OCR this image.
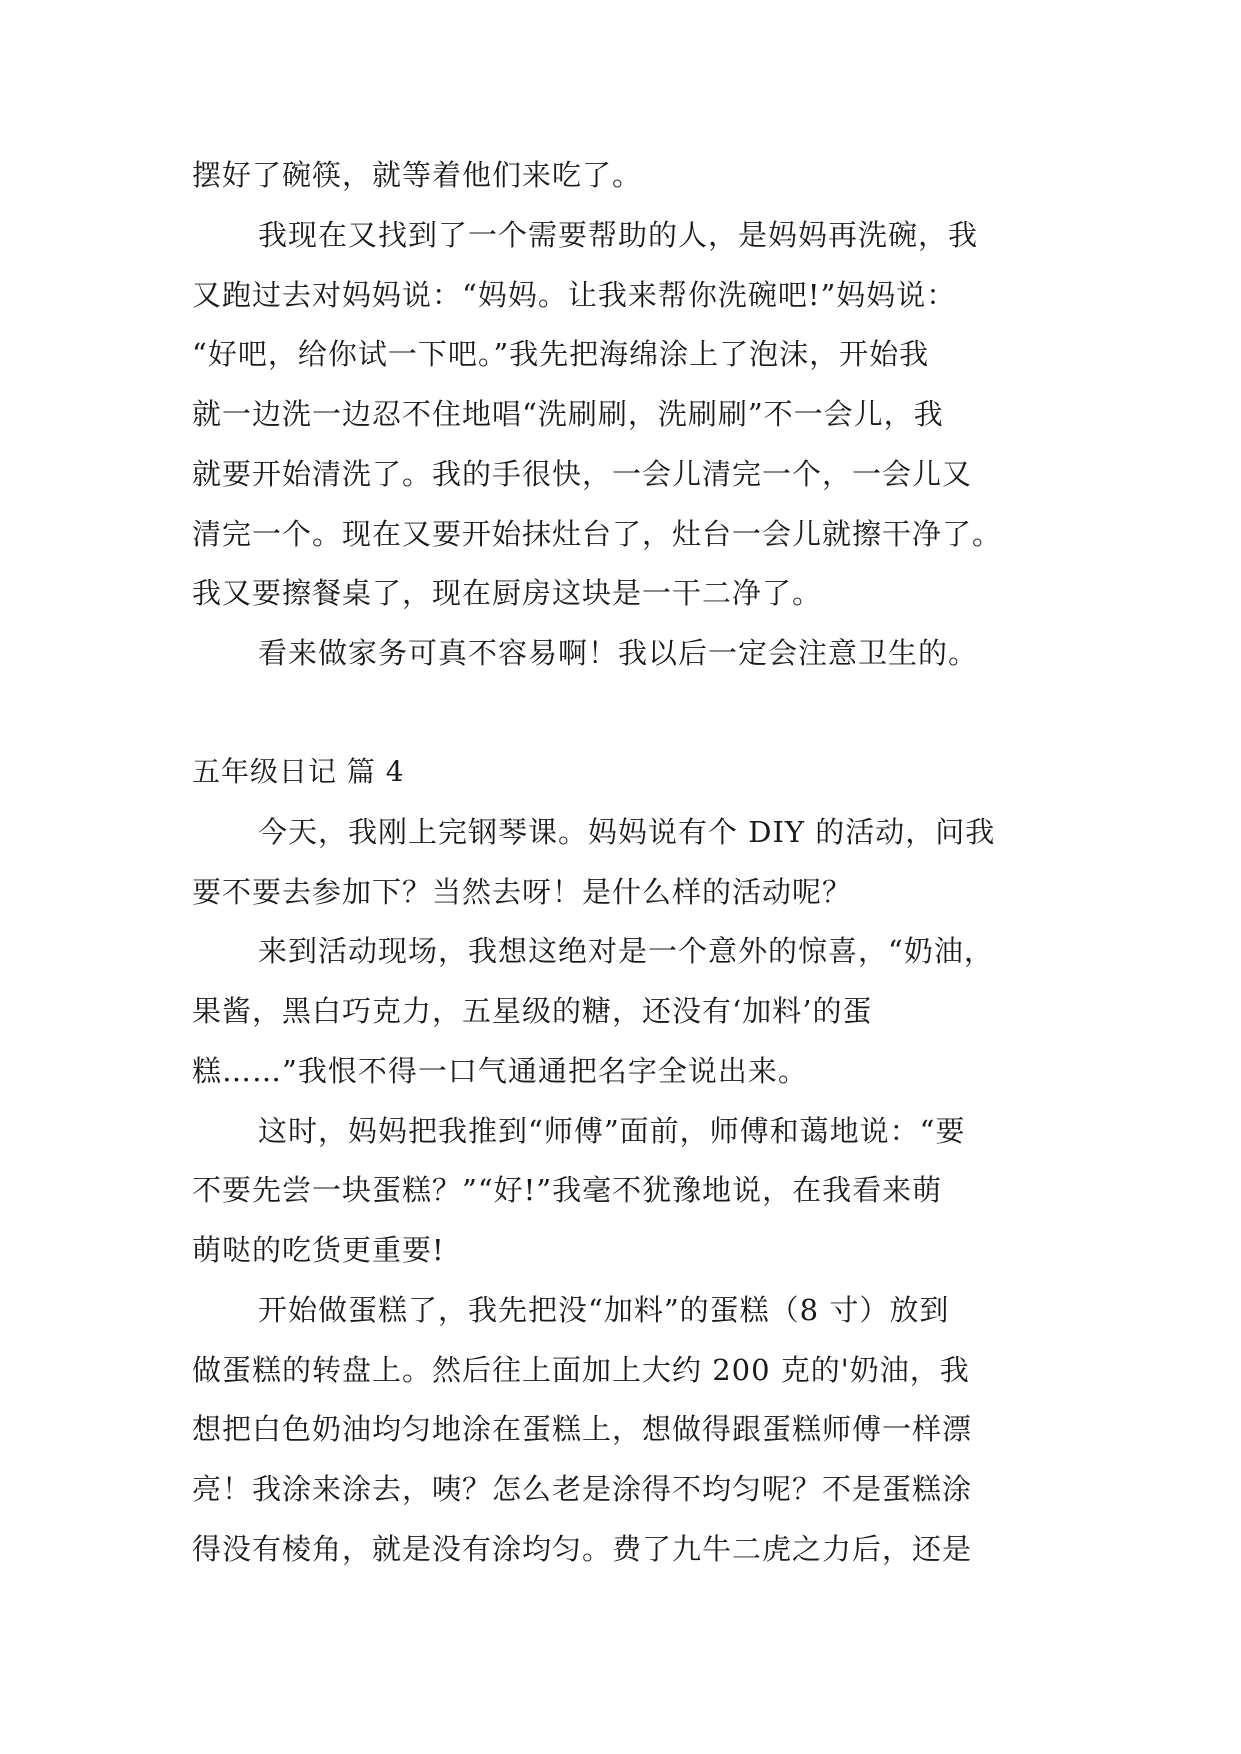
摆好了碗筷，就等着他们来吃了。
我现在又找到了一个需要帮助的人，是妈妈再洗碗，我
又跑过去对妈妈说：“妈妈。让我来帮你洗碗吧!”妈妈说：
“好吧，给你试一下吧。”我先把海绵涂上了泡沫，开始我
就一边洗一边忍不住地唱“洗刷刷，洗刷刷”不一会儿，我
就要开始清洗了。我的手很快，一会儿清完一个，一会儿又
清完一个。现在又要开始抹灶台了，灶台一会儿就擦干净了。
我又要擦餐桌了，现在厨房这块是一干二净了。
看来做家务可真不容易啊！我以后一定会注意卫生的。
五年级日记 篇 4
今天，我刚上完钢琴课。妈妈说有个 DIY 的活动，问我
要不要去参加下？当然去呀！是什么样的活动呢？
来到活动现场，我想这绝对是一个意外的惊喜，“奶油，
果酱，黑白巧克力，五星级的糖，还没有‘加料’的蛋
糕……”我恨不得一口气通通把名字全说出来。
这时，妈妈把我推到“师傅”面前，师傅和蔼地说：“要
不要先尝一块蛋糕？”“好!”我毫不犹豫地说，在我看来萌
萌哒的吃货更重要!
开始做蛋糕了，我先把没“加料”的蛋糕（8 寸）放到
做蛋糕的转盘上。然后往上面加上大约 200 克的'奶油，我
想把白色奶油均匀地涂在蛋糕上，想做得跟蛋糕师傅一样漂
亮！我涂来涂去，咦？怎么老是涂得不均匀呢？不是蛋糕涂
得没有棱角，就是没有涂均匀。费了九牛二虎之力后，还是
